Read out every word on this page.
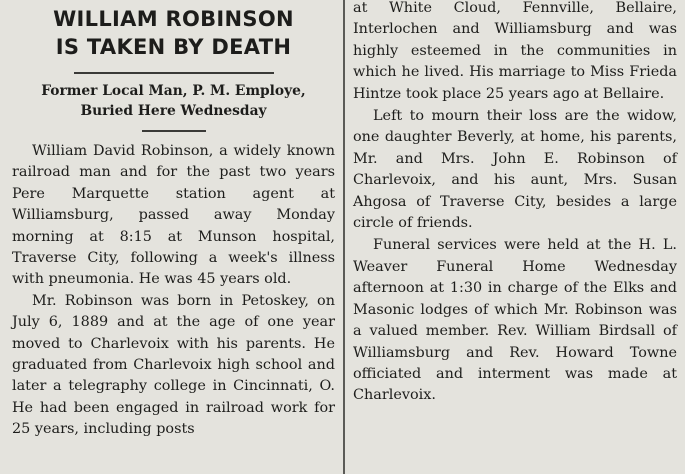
WILLIAM ROBINSON
IS TAKEN BY DEATH
Former Local Man, P. M. Employe,
Buried Here Wednesday

William David Robinson, a widely known railroad man and for the past two years Pere Marquette station agent at Williamsburg, passed away Monday morning at 8:15 at Munson hospital, Traverse City, following a week's illness with pneumonia. He was 45 years old.

Mr. Robinson was born in Petoskey, on July 6, 1889 and at the age of one year moved to Charlevoix with his parents. He graduated from Charlevoix high school and later a telegraphy college in Cincinnati, O. He had been engaged in railroad work for 25 years, including posts

at White Cloud, Fennville, Bellaire, Interlochen and Williamsburg and was highly esteemed in the communities in which he lived. His marriage to Miss Frieda Hintze took place 25 years ago at Bellaire.

Left to mourn their loss are the widow, one daughter Beverly, at home, his parents, Mr. and Mrs. John E. Robinson of Charlevoix, and his aunt, Mrs. Susan Ahgosa of Traverse City, besides a large circle of friends.

Funeral services were held at the H. L. Weaver Funeral Home Wednesday afternoon at 1:30 in charge of the Elks and Masonic lodges of which Mr. Robinson was a valued member. Rev. William Birdsall of Williamsburg and Rev. Howard Towne officiated and interment was made at Charlevoix.
